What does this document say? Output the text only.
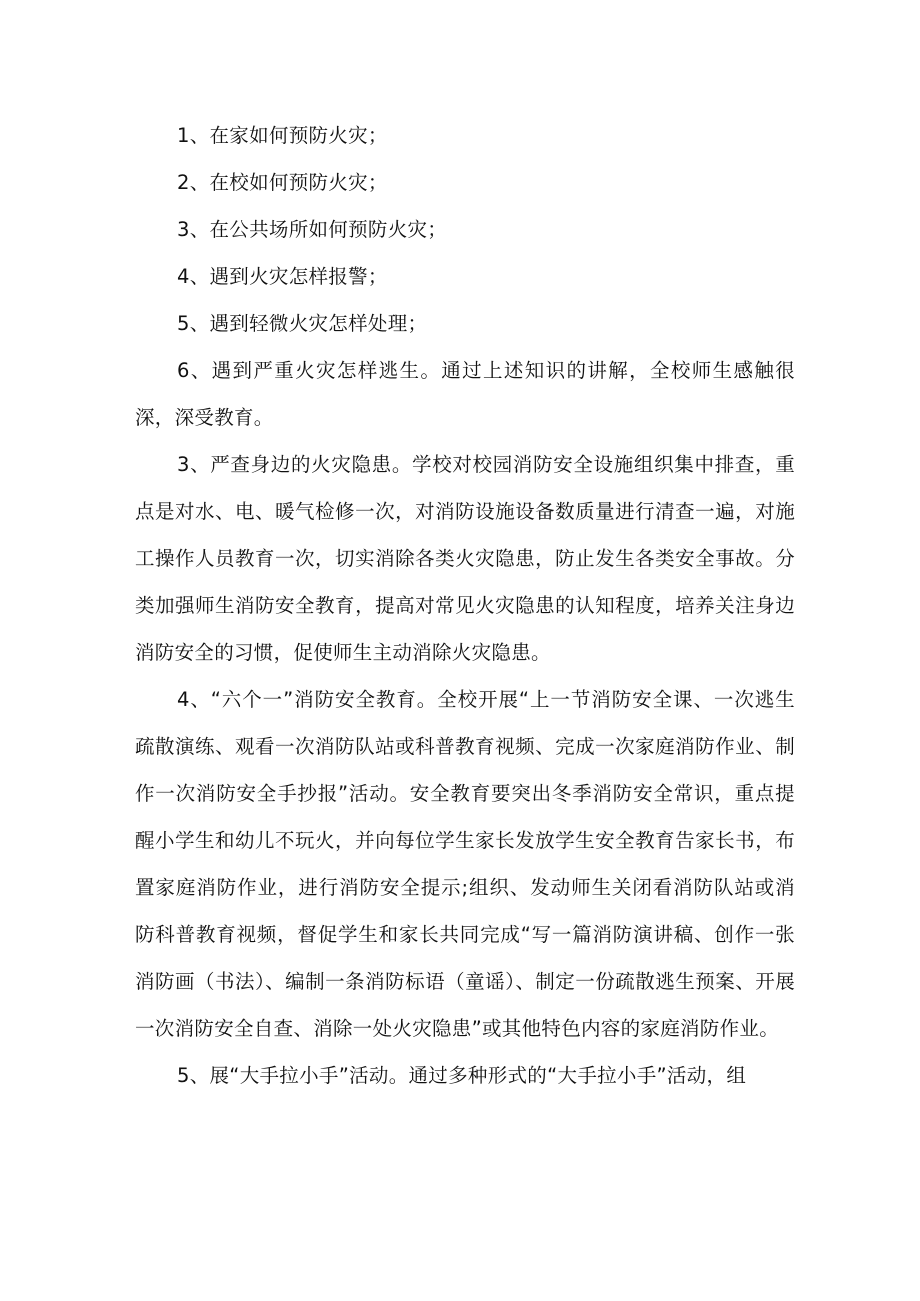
1、在家如何预防火灾；

2、在校如何预防火灾；

3、在公共场所如何预防火灾；

4、遇到火灾怎样报警；

5、遇到轻微火灾怎样处理；

6、遇到严重火灾怎样逃生。通过上述知识的讲解，全校师生感触很深，深受教育。

3、严查身边的火灾隐患。学校对校园消防安全设施组织集中排查，重点是对水、电、暖气检修一次，对消防设施设备数质量进行清查一遍，对施工操作人员教育一次，切实消除各类火灾隐患，防止发生各类安全事故。分类加强师生消防安全教育，提高对常见火灾隐患的认知程度，培养关注身边消防安全的习惯，促使师生主动消除火灾隐患。

4、“六个一”消防安全教育。全校开展“上一节消防安全课、一次逃生疏散演练、观看一次消防队站或科普教育视频、完成一次家庭消防作业、制作一次消防安全手抄报”活动。安全教育要突出冬季消防安全常识，重点提醒小学生和幼儿不玩火，并向每位学生家长发放学生安全教育告家长书，布置家庭消防作业，进行消防安全提示;组织、发动师生关闭看消防队站或消防科普教育视频，督促学生和家长共同完成“写一篇消防演讲稿、创作一张消防画（书法）、编制一条消防标语（童谣）、制定一份疏散逃生预案、开展一次消防安全自查、消除一处火灾隐患”或其他特色内容的家庭消防作业。

5、展“大手拉小手”活动。通过多种形式的“大手拉小手”活动，组
